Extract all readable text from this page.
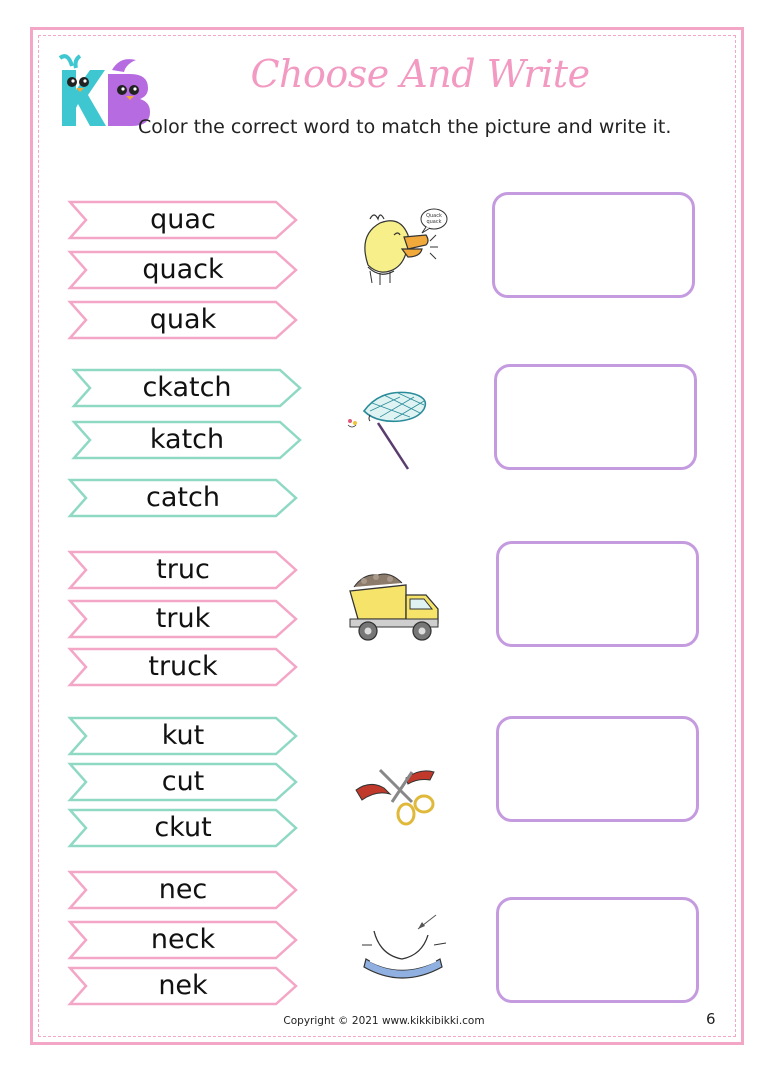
Choose And Write
Color the correct word to match the picture and write it.
quac
quack
quak
Quack
quack
ckatch
katch
catch
truc
truk
truck
kut
cut
ckut
nec
neck
nek
Copyright © 2021 www.kikkibikki.com	6
